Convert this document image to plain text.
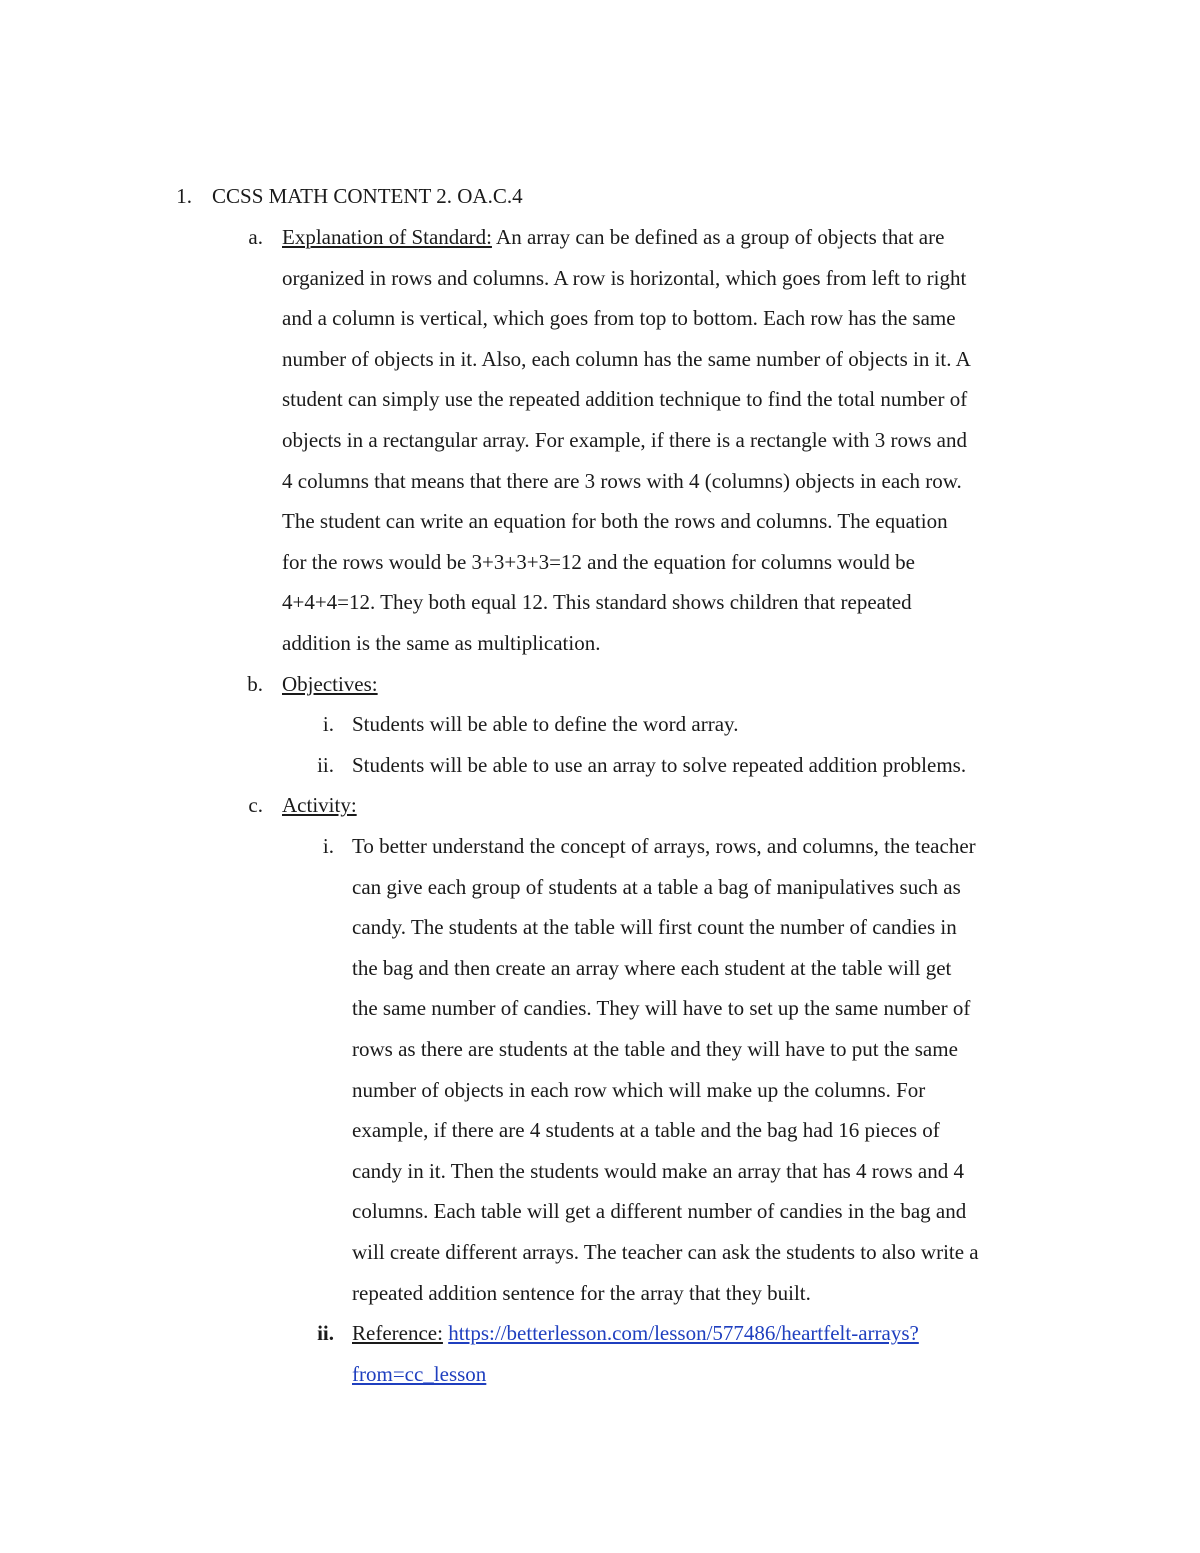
1. CCSS MATH CONTENT 2. OA.C.4
a. Explanation of Standard: An array can be defined as a group of objects that are
organized in rows and columns. A row is horizontal, which goes from left to right
and a column is vertical, which goes from top to bottom. Each row has the same
number of objects in it. Also, each column has the same number of objects in it. A
student can simply use the repeated addition technique to find the total number of
objects in a rectangular array. For example, if there is a rectangle with 3 rows and
4 columns that means that there are 3 rows with 4 (columns) objects in each row.
The student can write an equation for both the rows and columns. The equation
for the rows would be 3+3+3+3=12 and the equation for columns would be
4+4+4=12. They both equal 12. This standard shows children that repeated
addition is the same as multiplication.
b. Objectives:
i. Students will be able to define the word array.
ii. Students will be able to use an array to solve repeated addition problems.
c. Activity:
i. To better understand the concept of arrays, rows, and columns, the teacher
can give each group of students at a table a bag of manipulatives such as
candy. The students at the table will first count the number of candies in
the bag and then create an array where each student at the table will get
the same number of candies. They will have to set up the same number of
rows as there are students at the table and they will have to put the same
number of objects in each row which will make up the columns. For
example, if there are 4 students at a table and the bag had 16 pieces of
candy in it. Then the students would make an array that has 4 rows and 4
columns. Each table will get a different number of candies in the bag and
will create different arrays. The teacher can ask the students to also write a
repeated addition sentence for the array that they built.
ii. Reference: https://betterlesson.com/lesson/577486/heartfelt-arrays?
from=cc_lesson
